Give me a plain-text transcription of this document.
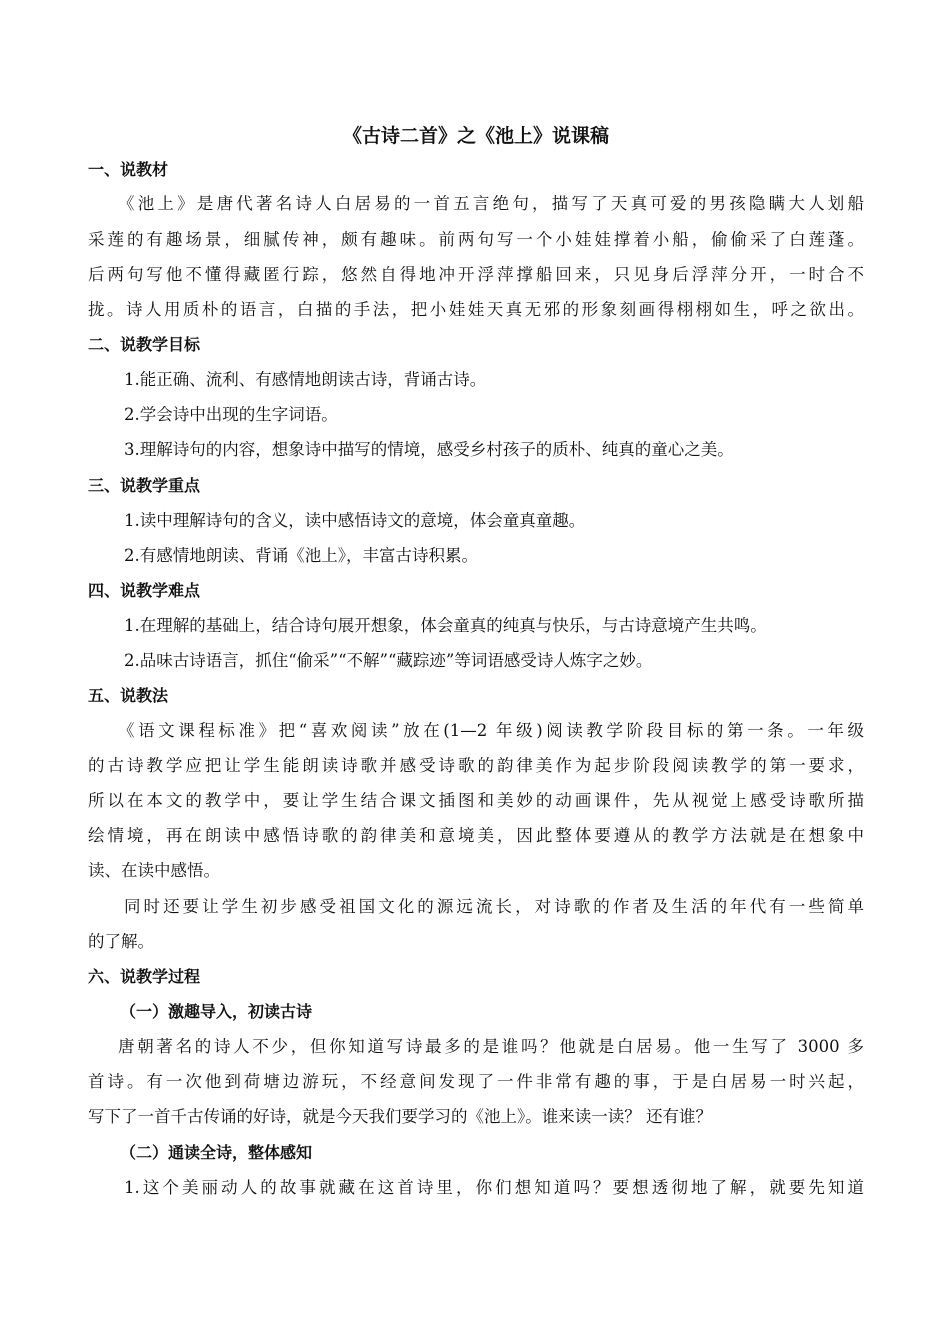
《古诗二首》之《池上》说课稿
一、说教材
《池上》是唐代著名诗人白居易的一首五言绝句，描写了天真可爱的男孩隐瞒大人划船
采莲的有趣场景，细腻传神，颇有趣味。前两句写一个小娃娃撑着小船，偷偷采了白莲蓬。
后两句写他不懂得藏匿行踪，悠然自得地冲开浮萍撑船回来，只见身后浮萍分开，一时合不
拢。诗人用质朴的语言，白描的手法，把小娃娃天真无邪的形象刻画得栩栩如生，呼之欲出。
二、说教学目标
1.能正确、流利、有感情地朗读古诗，背诵古诗。
2.学会诗中出现的生字词语。
3.理解诗句的内容，想象诗中描写的情境，感受乡村孩子的质朴、纯真的童心之美。
三、说教学重点
1.读中理解诗句的含义，读中感悟诗文的意境，体会童真童趣。
2.有感情地朗读、背诵《池上》，丰富古诗积累。
四、说教学难点
1.在理解的基础上，结合诗句展开想象，体会童真的纯真与快乐，与古诗意境产生共鸣。
2.品味古诗语言，抓住“偷采”“不解”“藏踪迹”等词语感受诗人炼字之妙。
五、说教法
《语文课程标准》把“喜欢阅读”放在(1—2 年级)阅读教学阶段目标的第一条。一年级
的古诗教学应把让学生能朗读诗歌并感受诗歌的韵律美作为起步阶段阅读教学的第一要求，
所以在本文的教学中，要让学生结合课文插图和美妙的动画课件，先从视觉上感受诗歌所描
绘情境，再在朗读中感悟诗歌的韵律美和意境美，因此整体要遵从的教学方法就是在想象中
读、在读中感悟。
同时还要让学生初步感受祖国文化的源远流长，对诗歌的作者及生活的年代有一些简单
的了解。
六、说教学过程
（一）激趣导入，初读古诗
唐朝著名的诗人不少，但你知道写诗最多的是谁吗？他就是白居易。他一生写了 3000 多
首诗。有一次他到荷塘边游玩，不经意间发现了一件非常有趣的事，于是白居易一时兴起，
写下了一首千古传诵的好诗，就是今天我们要学习的《池上》。谁来读一读？ 还有谁？
（二）通读全诗，整体感知
1.这个美丽动人的故事就藏在这首诗里，你们想知道吗？要想透彻地了解，就要先知道
